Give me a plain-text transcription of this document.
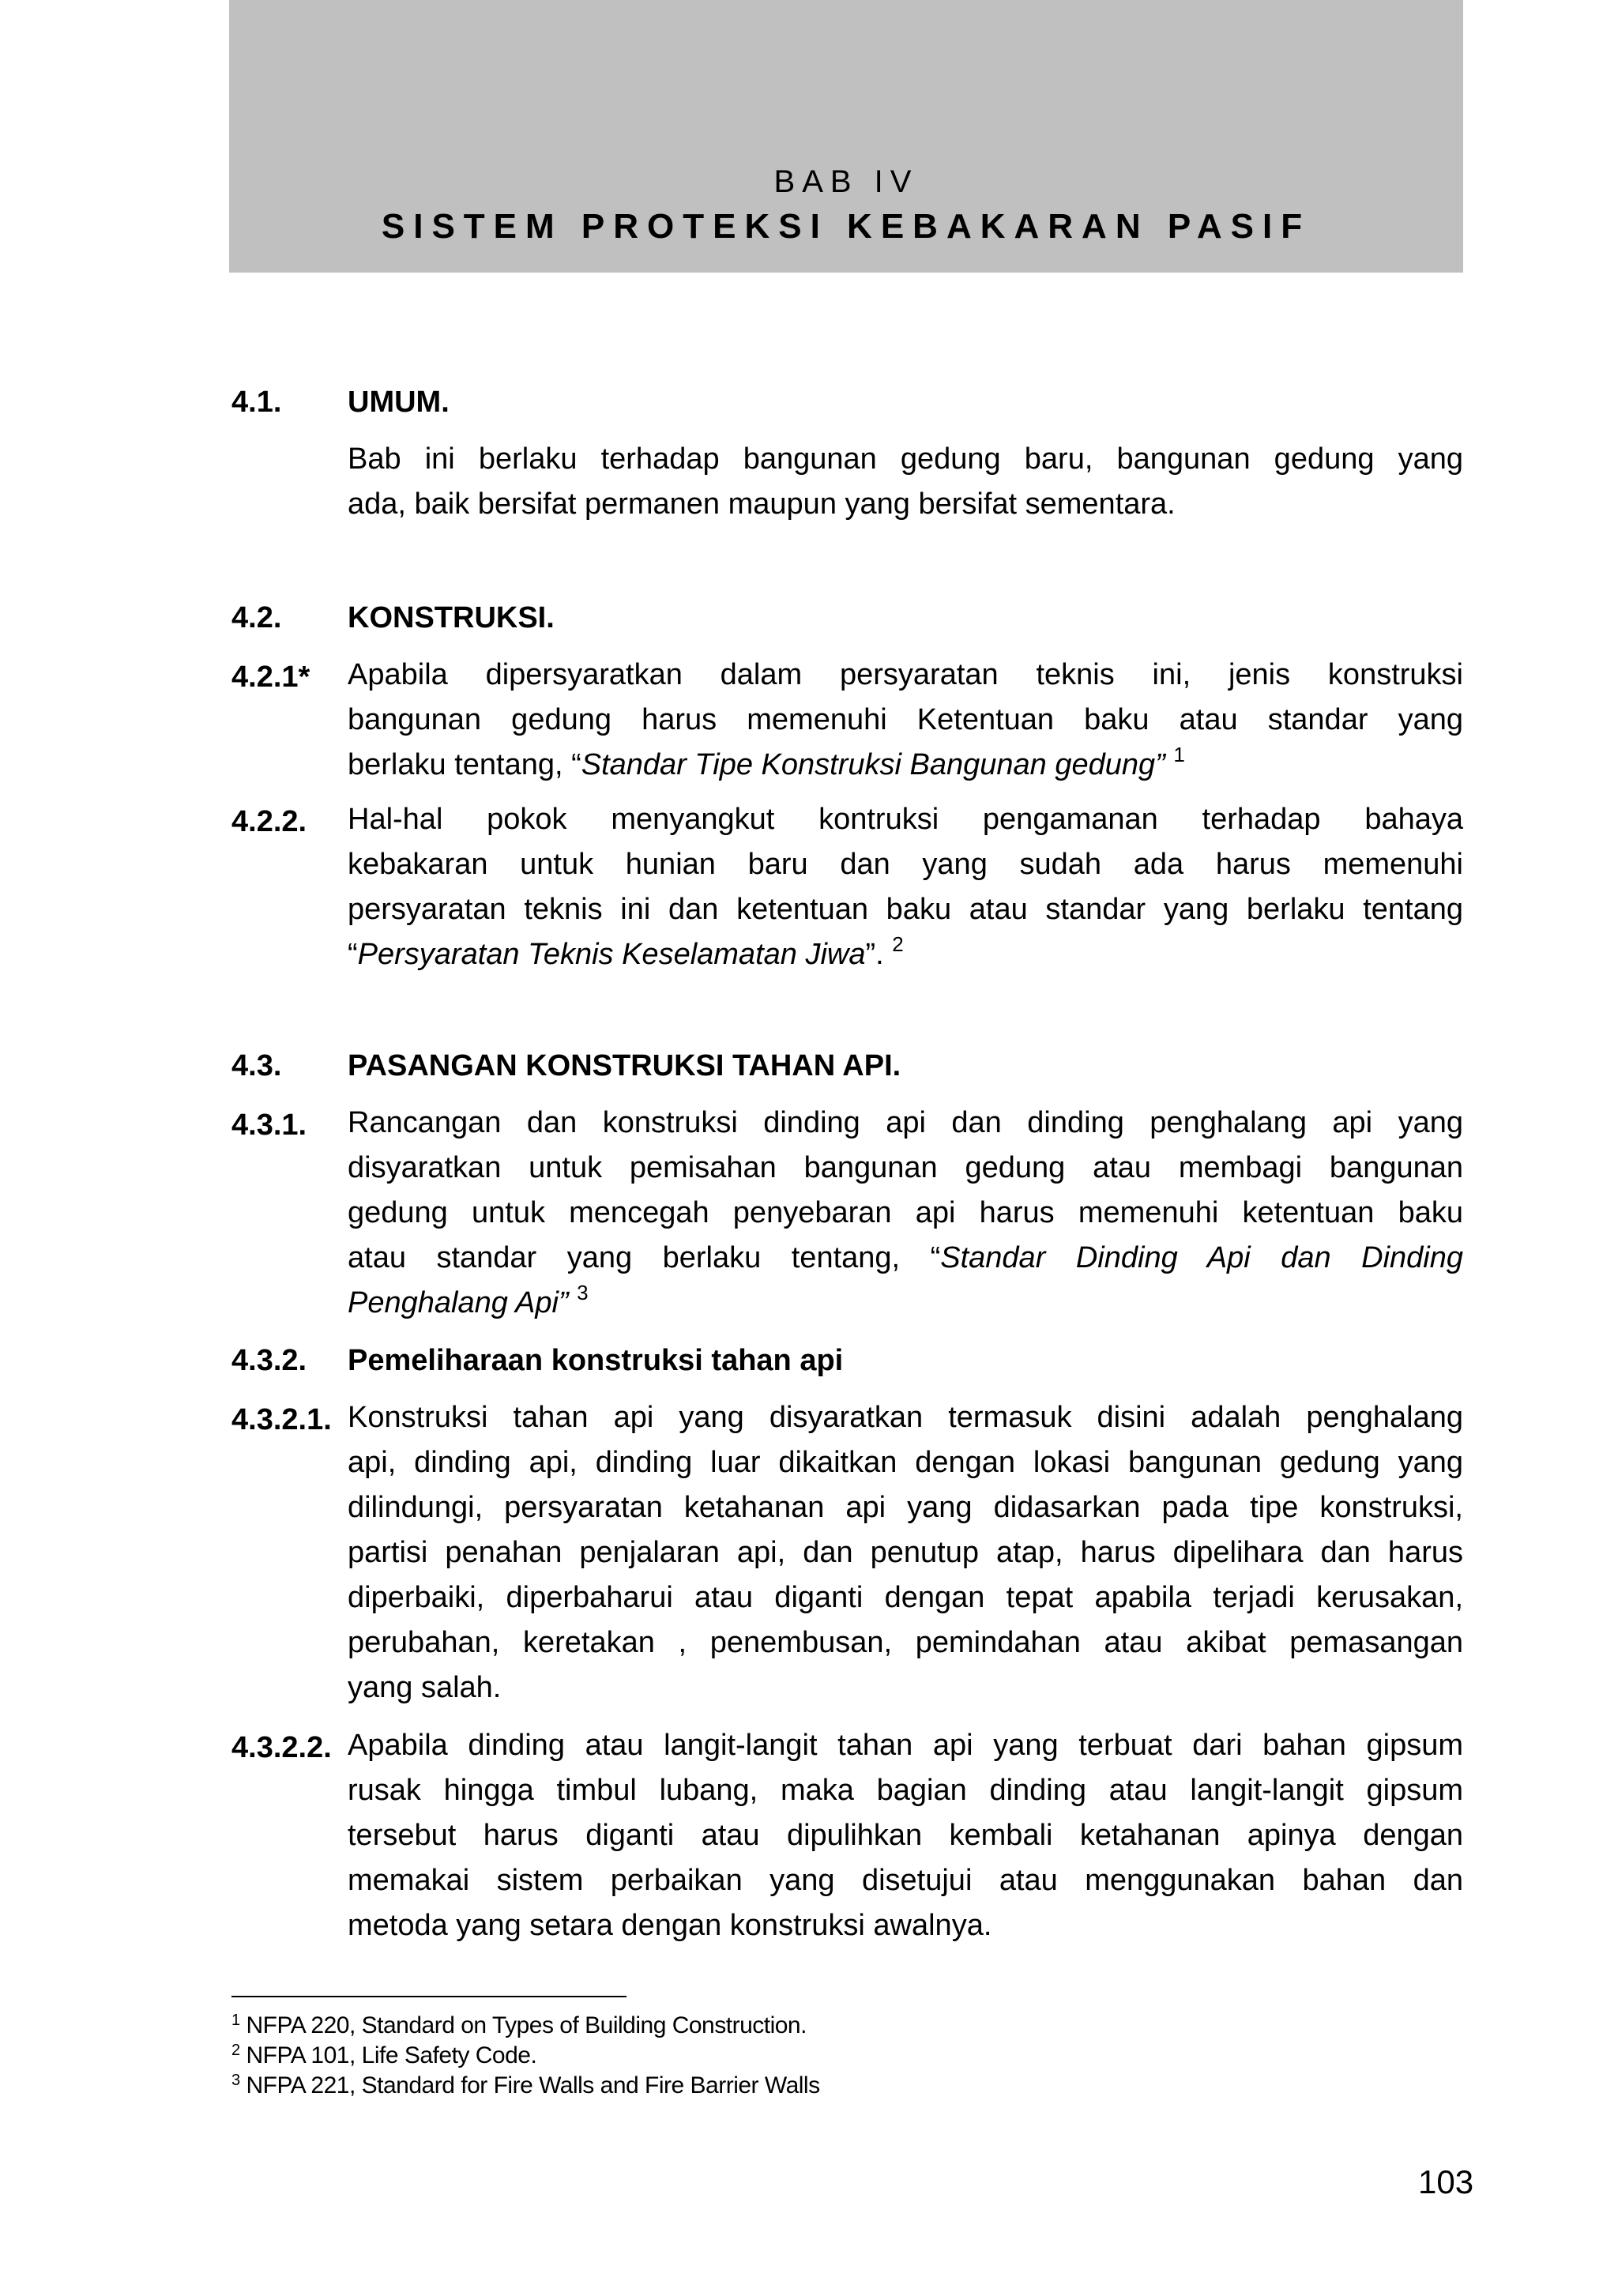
BAB IV
SISTEM PROTEKSI KEBAKARAN PASIF
4.1. UMUM.
Bab ini berlaku terhadap bangunan gedung baru, bangunan gedung yang
ada, baik bersifat permanen maupun yang bersifat sementara.
4.2. KONSTRUKSI.
4.2.1* Apabila dipersyaratkan dalam persyaratan teknis ini, jenis konstruksi
bangunan gedung harus memenuhi Ketentuan baku atau standar yang
berlaku tentang, “Standar Tipe Konstruksi Bangunan gedung” $^1$
4.2.2. Hal-hal pokok menyangkut kontruksi pengamanan terhadap bahaya
kebakaran untuk hunian baru dan yang sudah ada harus memenuhi
persyaratan teknis ini dan ketentuan baku atau standar yang berlaku tentang
“Persyaratan Teknis Keselamatan Jiwa”. $^2$
4.3. PASANGAN KONSTRUKSI TAHAN API.
4.3.1. Rancangan dan konstruksi dinding api dan dinding penghalang api yang
disyaratkan untuk pemisahan bangunan gedung atau membagi bangunan
gedung untuk mencegah penyebaran api harus memenuhi ketentuan baku
atau standar yang berlaku tentang, “Standar Dinding Api dan Dinding
Penghalang Api” $^3$
4.3.2. Pemeliharaan konstruksi tahan api
4.3.2.1. Konstruksi tahan api yang disyaratkan termasuk disini adalah penghalang
api, dinding api, dinding luar dikaitkan dengan lokasi bangunan gedung yang
dilindungi, persyaratan ketahanan api yang didasarkan pada tipe konstruksi,
partisi penahan penjalaran api, dan penutup atap, harus dipelihara dan harus
diperbaiki, diperbaharui atau diganti dengan tepat apabila terjadi kerusakan,
perubahan, keretakan , penembusan, pemindahan atau akibat pemasangan
yang salah.
4.3.2.2. Apabila dinding atau langit-langit tahan api yang terbuat dari bahan gipsum
rusak hingga timbul lubang, maka bagian dinding atau langit-langit gipsum
tersebut harus diganti atau dipulihkan kembali ketahanan apinya dengan
memakai sistem perbaikan yang disetujui atau menggunakan bahan dan
metoda yang setara dengan konstruksi awalnya.
$^1$ NFPA 220, Standard on Types of Building Construction.
$^2$ NFPA 101, Life Safety Code.
$^3$ NFPA 221, Standard for Fire Walls and Fire Barrier Walls
103
